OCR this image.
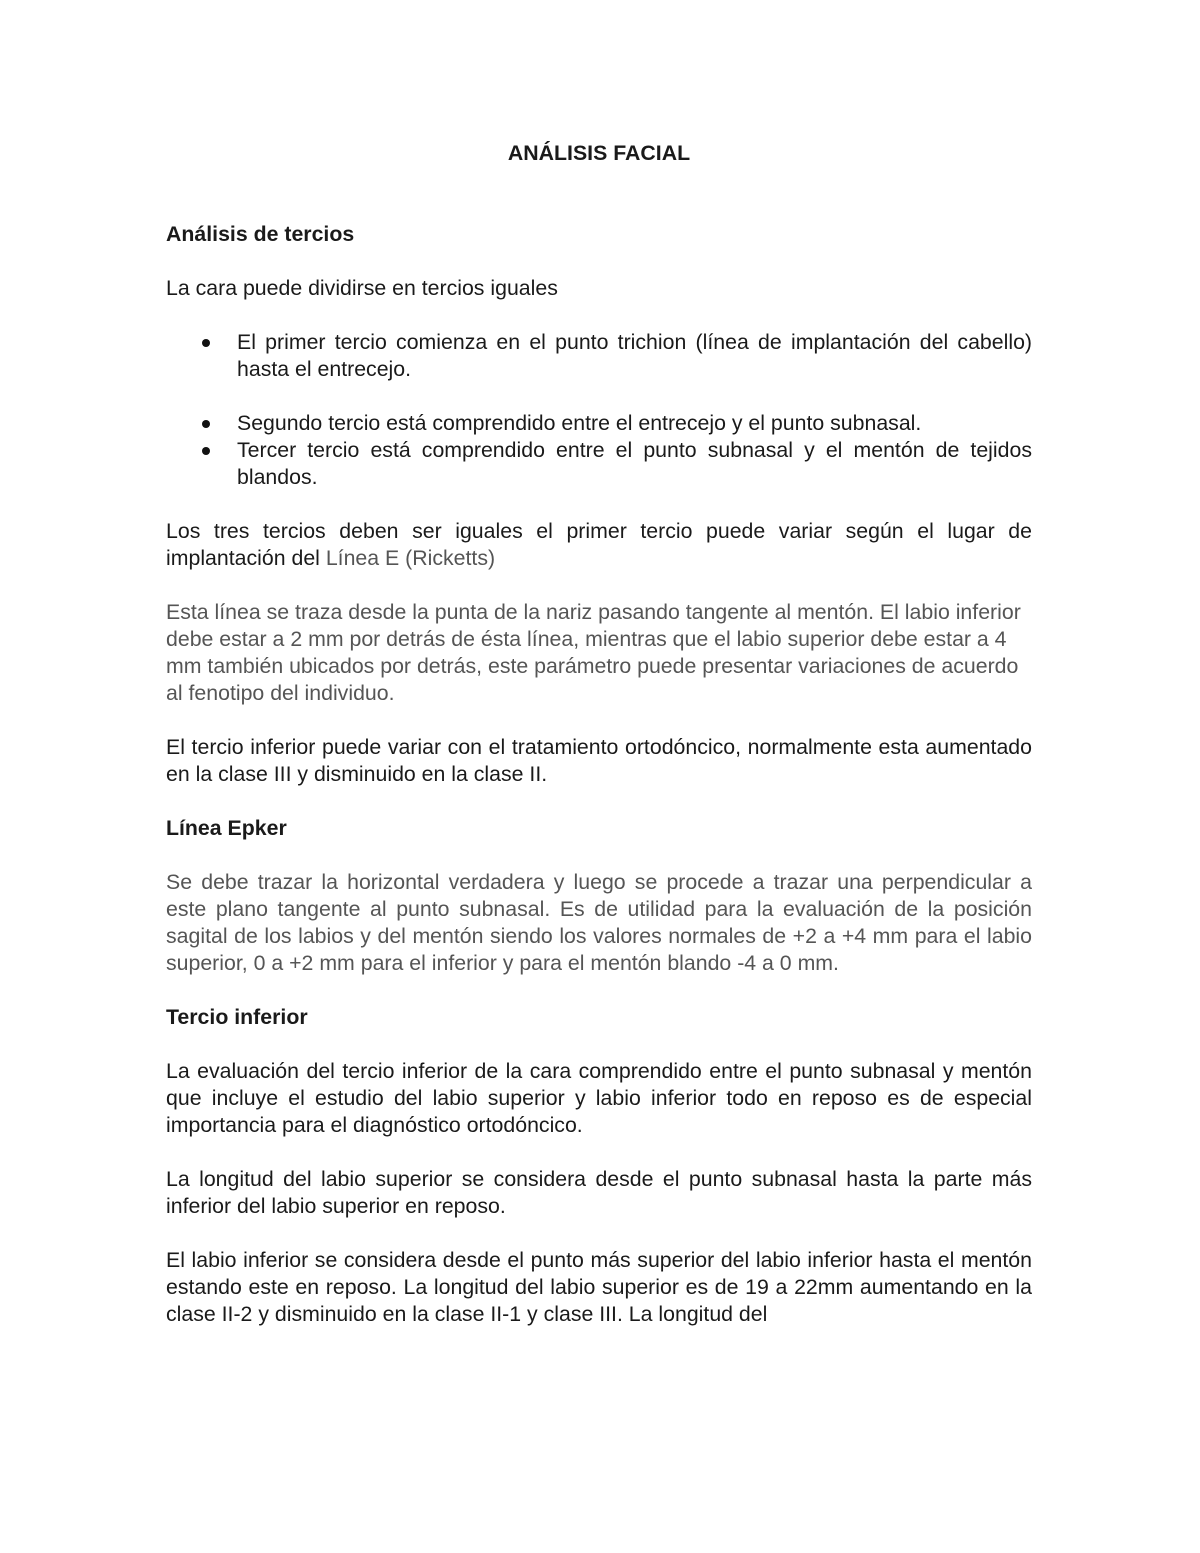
ANÁLISIS FACIAL

Análisis de tercios

La cara puede dividirse en tercios iguales

El primer tercio comienza en el punto trichion (línea de implantación del cabello) hasta el entrecejo.
Segundo tercio está comprendido entre el entrecejo y el punto subnasal.
Tercer tercio está comprendido entre el punto subnasal y el mentón de tejidos blandos.

Los tres tercios deben ser iguales el primer tercio puede variar según el lugar de implantación del Línea E (Ricketts)

Esta línea se traza desde la punta de la nariz pasando tangente al mentón. El labio inferior debe estar a 2 mm por detrás de ésta línea, mientras que el labio superior debe estar a 4 mm también ubicados por detrás, este parámetro puede presentar variaciones de acuerdo al fenotipo del individuo.

El tercio inferior puede variar con el tratamiento ortodóncico, normalmente esta aumentado en la clase III y disminuido en la clase II.

Línea Epker

Se debe trazar la horizontal verdadera y luego se procede a trazar una perpendicular a este plano tangente al punto subnasal. Es de utilidad para la evaluación de la posición sagital de los labios y del mentón siendo los valores normales de +2 a +4 mm para el labio superior, 0 a +2 mm para el inferior y para el mentón blando -4 a 0 mm.

Tercio inferior

La evaluación del tercio inferior de la cara comprendido entre el punto subnasal y mentón que incluye el estudio del labio superior y labio inferior todo en reposo es de especial importancia para el diagnóstico ortodóncico.

La longitud del labio superior se considera desde el punto subnasal hasta la parte más inferior del labio superior en reposo.

El labio inferior se considera desde el punto más superior del labio inferior hasta el mentón estando este en reposo. La longitud del labio superior es de 19 a 22mm aumentando en la clase II-2 y disminuido en la clase II-1 y clase III. La longitud del
